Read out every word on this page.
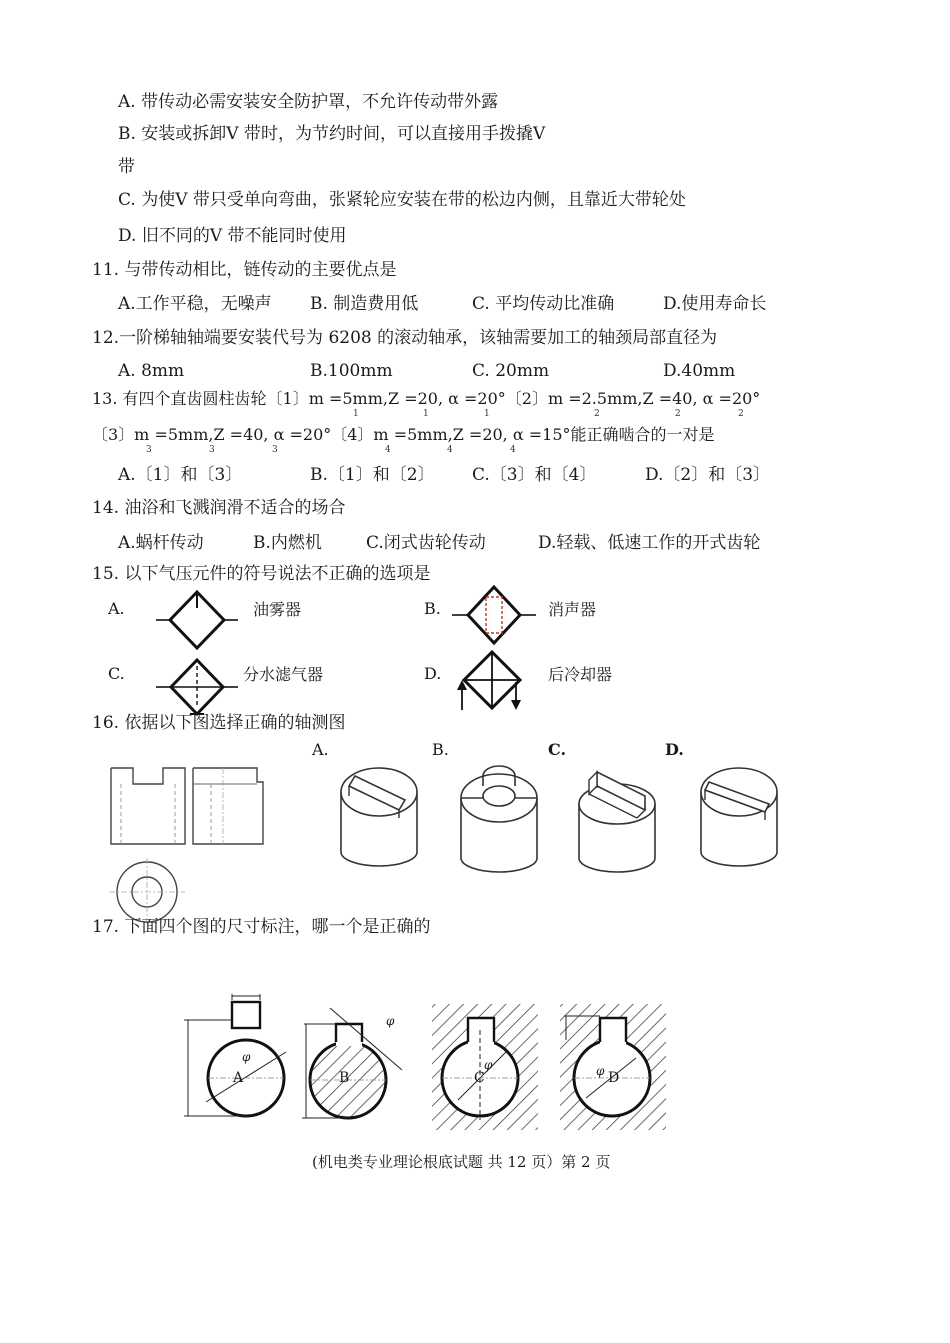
A. 带传动必需安装安全防护罩，不允许传动带外露
B. 安装或拆卸Ⅴ 带时，为节约时间，可以直接用手拨撬Ⅴ
带
C. 为使Ⅴ 带只受单向弯曲，张紧轮应安装在带的松边内侧，且靠近大带轮处
D. 旧不同的Ⅴ 带不能同时使用
11. 与带传动相比，链传动的主要优点是
A.工作平稳，无噪声 B. 制造费用低	C. 平均传动比准确	D.使用寿命长
12.一阶梯轴轴端要安装代号为 6208 的滚动轴承，该轴需要加工的轴颈局部直径为
A. 8mm	B.100mm	C. 20mm	D.40mm
13. 有四个直齿圆柱齿轮〔1〕m =5mm,Z =20, α =20°〔2〕m =2.5mm,Z =40, α =20°
1	1	1	2	2	2
〔3〕m =5mm,Z =40, α =20°〔4〕m =5mm,Z =20, α =15°能正确啮合的一对是
3	3	3	4	4	4
A.〔1〕和〔3〕	B.〔1〕和〔2〕 C.〔3〕和〔4〕	D.〔2〕和〔3〕
14. 油浴和飞溅润滑不适合的场合
A.蜗杆传动	B.内燃机	C.闭式齿轮传动	D.轻载、低速工作的开式齿轮
15. 以下气压元件的符号说法不正确的选项是
A.	油雾器	B.	消声器
C.	分水滤气器	D.	后冷却器
16. 依据以下图选择正确的轴测图
A.	B.	C.	D.
17. 下面四个图的尺寸标注，哪一个是正确的
A
φ
B
φ
C
φ
D
φ
(机电类专业理论根底试题 共 12 页）第 2 页
